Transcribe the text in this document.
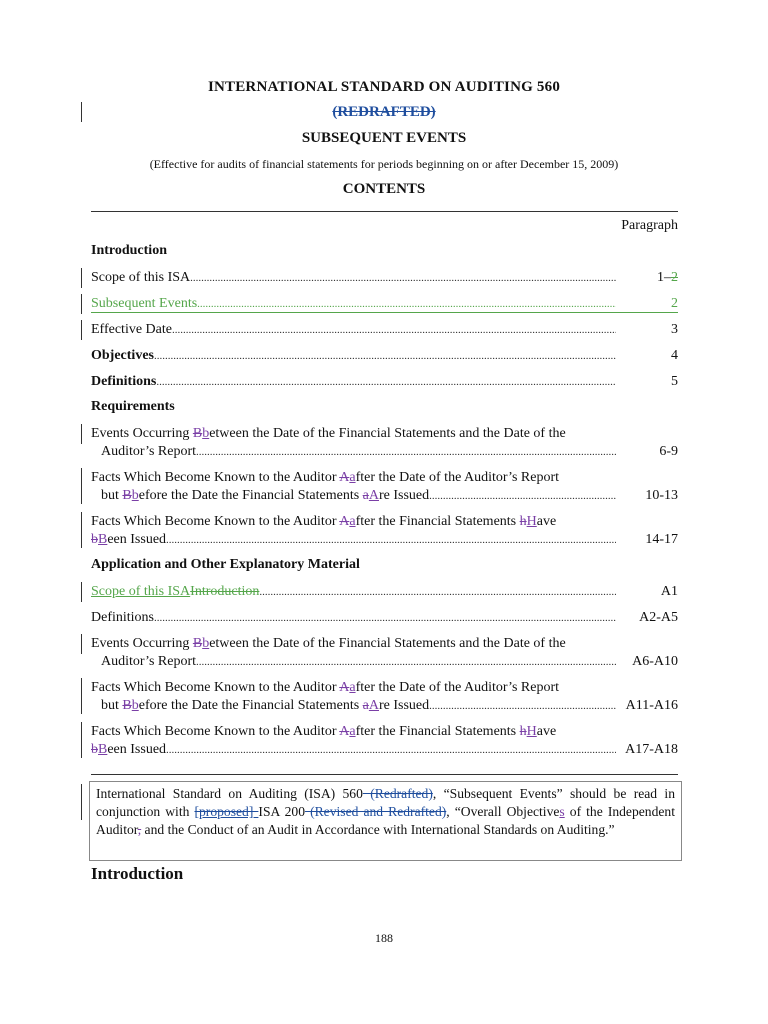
INTERNATIONAL STANDARD ON AUDITING 560
(REDRAFTED)
SUBSEQUENT EVENTS
(Effective for audits of financial statements for periods beginning on or after December 15, 2009)
CONTENTS
Paragraph
Introduction
Scope of this ISA .....	1–2
Subsequent Events .....	2
Effective Date .....	3
Objectives .....	4
Definitions .....	5
Requirements
Events Occurring Bbetween the Date of the Financial Statements and the Date of the
Auditor’s Report .....	6-9
Facts Which Become Known to the Auditor Aafter the Date of the Auditor’s Report
but Bbefore the Date the Financial Statements aAre Issued .....	10-13
Facts Which Become Known to the Auditor Aafter the Financial Statements hHave
bBeen Issued .....	14-17
Application and Other Explanatory Material
Scope of this ISAIntroduction .....	A1
Definitions .....	A2-A5
Events Occurring Bbetween the Date of the Financial Statements and the Date of the
Auditor’s Report .....	A6-A10
Facts Which Become Known to the Auditor Aafter the Date of the Auditor’s Report
but Bbefore the Date the Financial Statements aAre Issued .....	A11-A16
Facts Which Become Known to the Auditor Aafter the Financial Statements hHave
bBeen Issued .....	A17-A18
International Standard on Auditing (ISA) 560 (Redrafted), “Subsequent Events” should be read in conjunction with [proposed] ISA 200 (Revised and Redrafted), “Overall Objectives of the Independent Auditor, and the Conduct of an Audit in Accordance with International Standards on Auditing.”
Introduction
188
